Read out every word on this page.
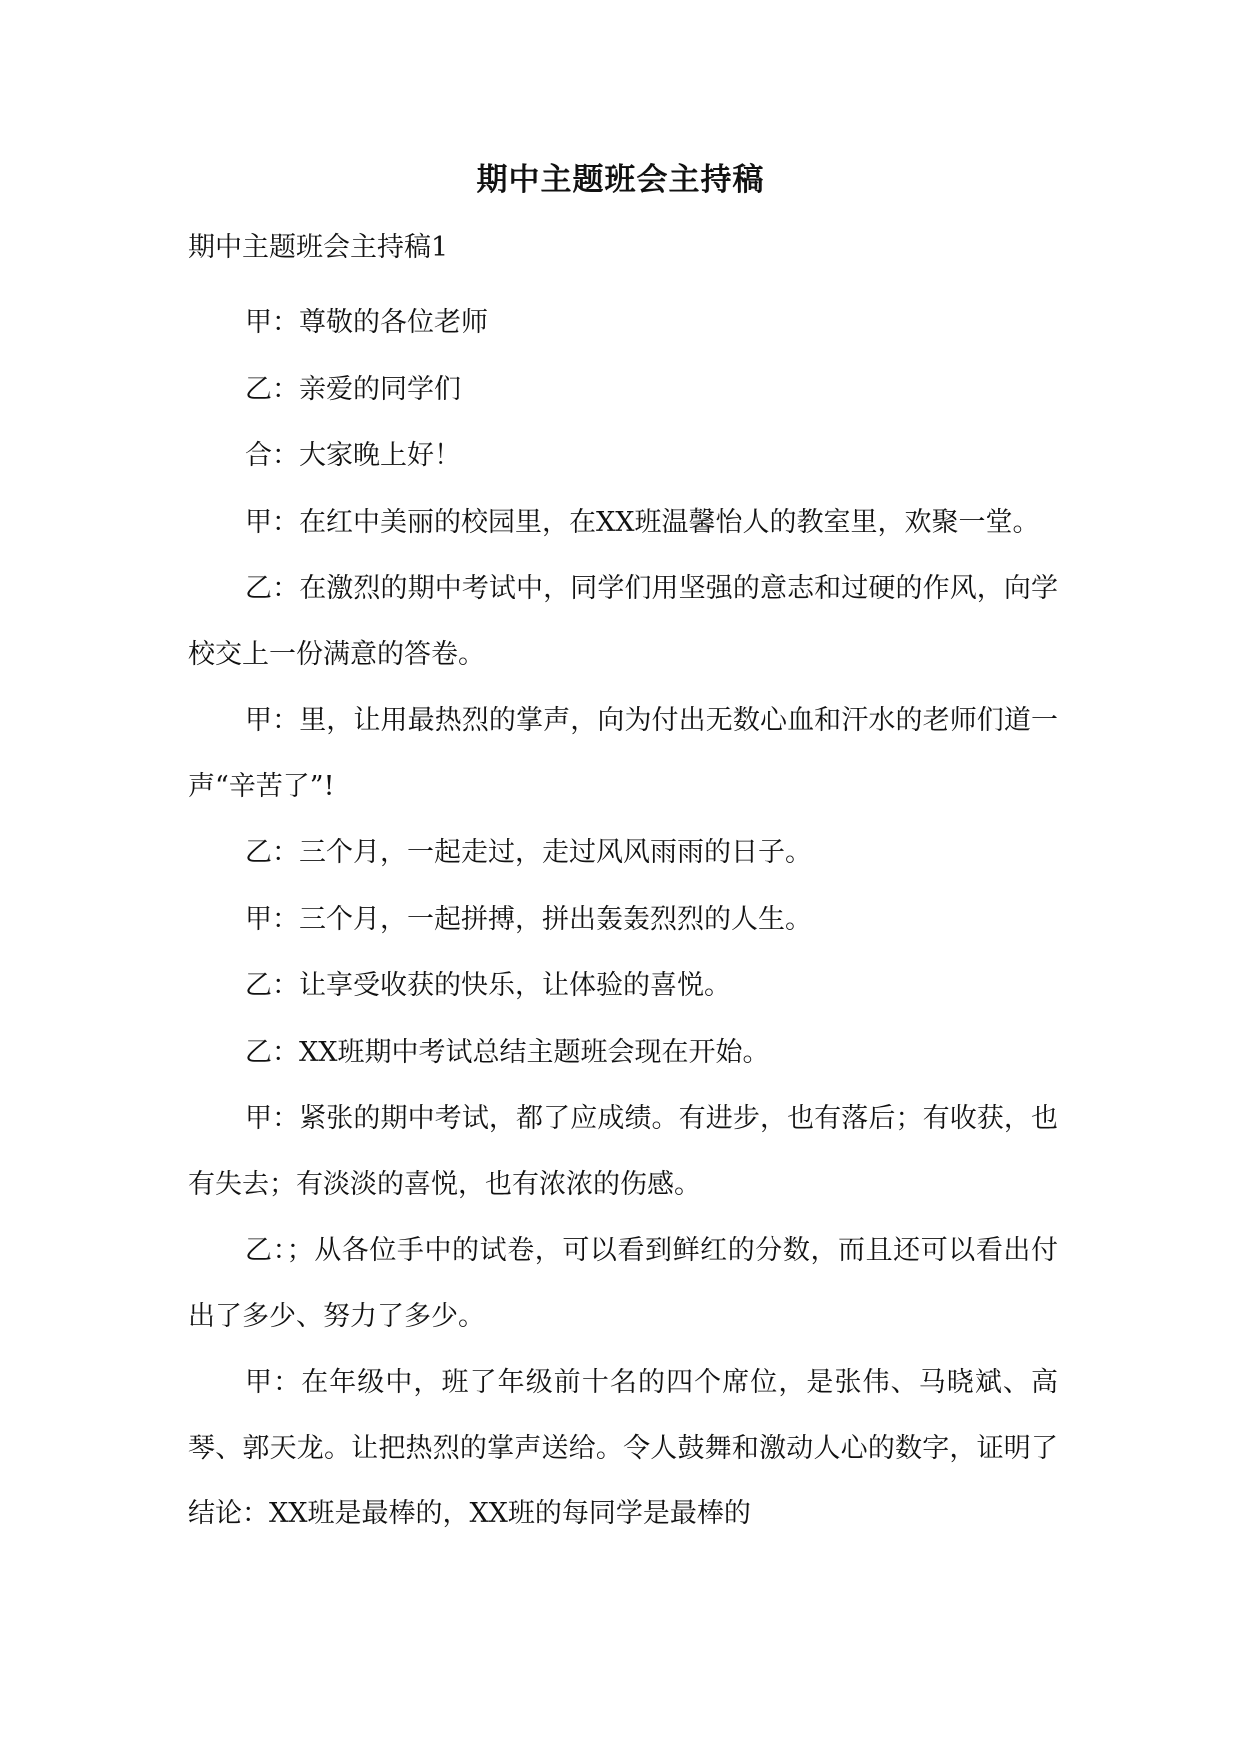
期中主题班会主持稿
期中主题班会主持稿1

甲：尊敬的各位老师

乙：亲爱的同学们

合：大家晚上好！

甲：在红中美丽的校园里，在XX班温馨怡人的教室里，欢聚一堂。

乙：在激烈的期中考试中，同学们用坚强的意志和过硬的作风，向学校交上一份满意的答卷。

甲：里，让用最热烈的掌声，向为付出无数心血和汗水的老师们道一声“辛苦了”!

乙：三个月，一起走过，走过风风雨雨的日子。

甲：三个月，一起拼搏，拼出轰轰烈烈的人生。

乙：让享受收获的快乐，让体验的喜悦。

乙：XX班期中考试总结主题班会现在开始。

甲：紧张的期中考试，都了应成绩。有进步，也有落后；有收获，也有失去；有淡淡的喜悦，也有浓浓的伤感。

乙：；从各位手中的试卷，可以看到鲜红的分数，而且还可以看出付出了多少、努力了多少。

甲：在年级中，班了年级前十名的四个席位，是张伟、马晓斌、高琴、郭天龙。让把热烈的掌声送给。令人鼓舞和激动人心的数字，证明了结论：XX班是最棒的，XX班的每同学是最棒的
